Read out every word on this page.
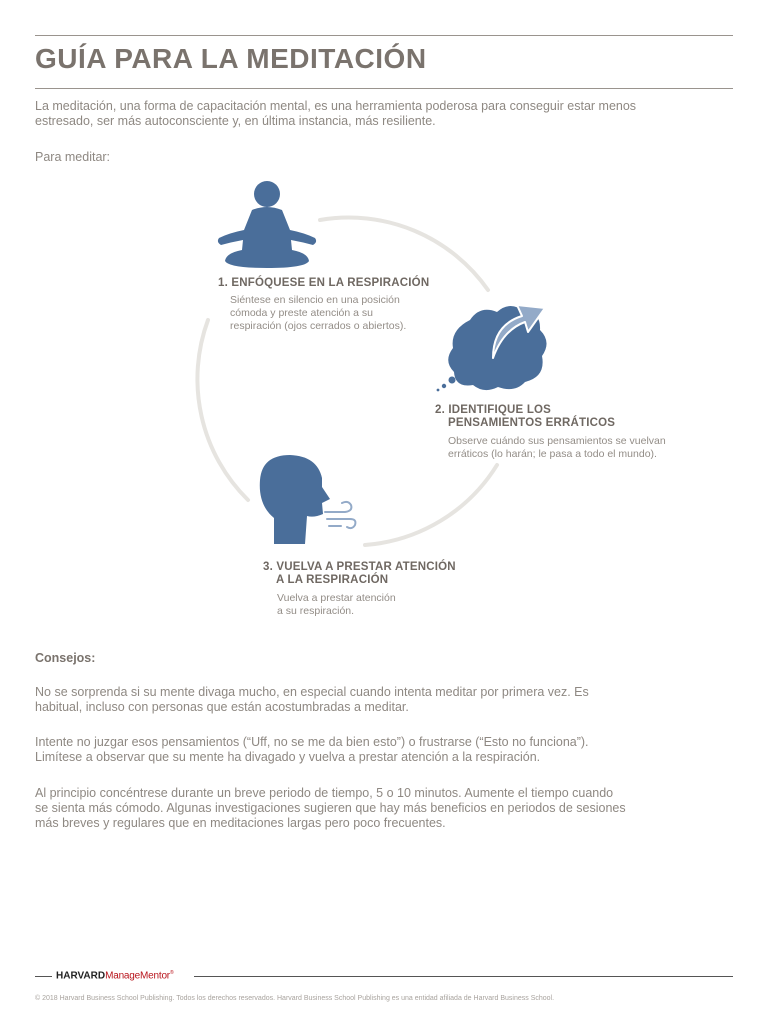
GUÍA PARA LA MEDITACIÓN

La meditación, una forma de capacitación mental, es una herramienta poderosa para conseguir estar menos

estresado, ser más autoconsciente y, en última instancia, más resiliente.

Para meditar:

1. ENFÓQUESE EN LA RESPIRACIÓN

Siéntese en silencio en una posición

cómoda y preste atención a su

respiración (ojos cerrados o abiertos).

2. IDENTIFIQUE LOS

PENSAMIENTOS ERRÁTICOS

Observe cuándo sus pensamientos se vuelvan

erráticos (lo harán; le pasa a todo el mundo).

3. VUELVA A PRESTAR ATENCIÓN

A LA RESPIRACIÓN

Vuelva a prestar atención

a su respiración.

Consejos:

No se sorprenda si su mente divaga mucho, en especial cuando intenta meditar por primera vez. Es

habitual, incluso con personas que están acostumbradas a meditar.

Intente no juzgar esos pensamientos (“Uff, no se me da bien esto”) o frustrarse (“Esto no funciona”).

Limítese a observar que su mente ha divagado y vuelva a prestar atención a la respiración.

Al principio concéntrese durante un breve periodo de tiempo, 5 o 10 minutos. Aumente el tiempo cuando

se sienta más cómodo. Algunas investigaciones sugieren que hay más beneficios en periodos de sesiones

más breves y regulares que en meditaciones largas pero poco frecuentes.

HARVARDManageMentor®

© 2018 Harvard Business School Publishing. Todos los derechos reservados. Harvard Business School Publishing es una entidad afiliada de Harvard Business School.
